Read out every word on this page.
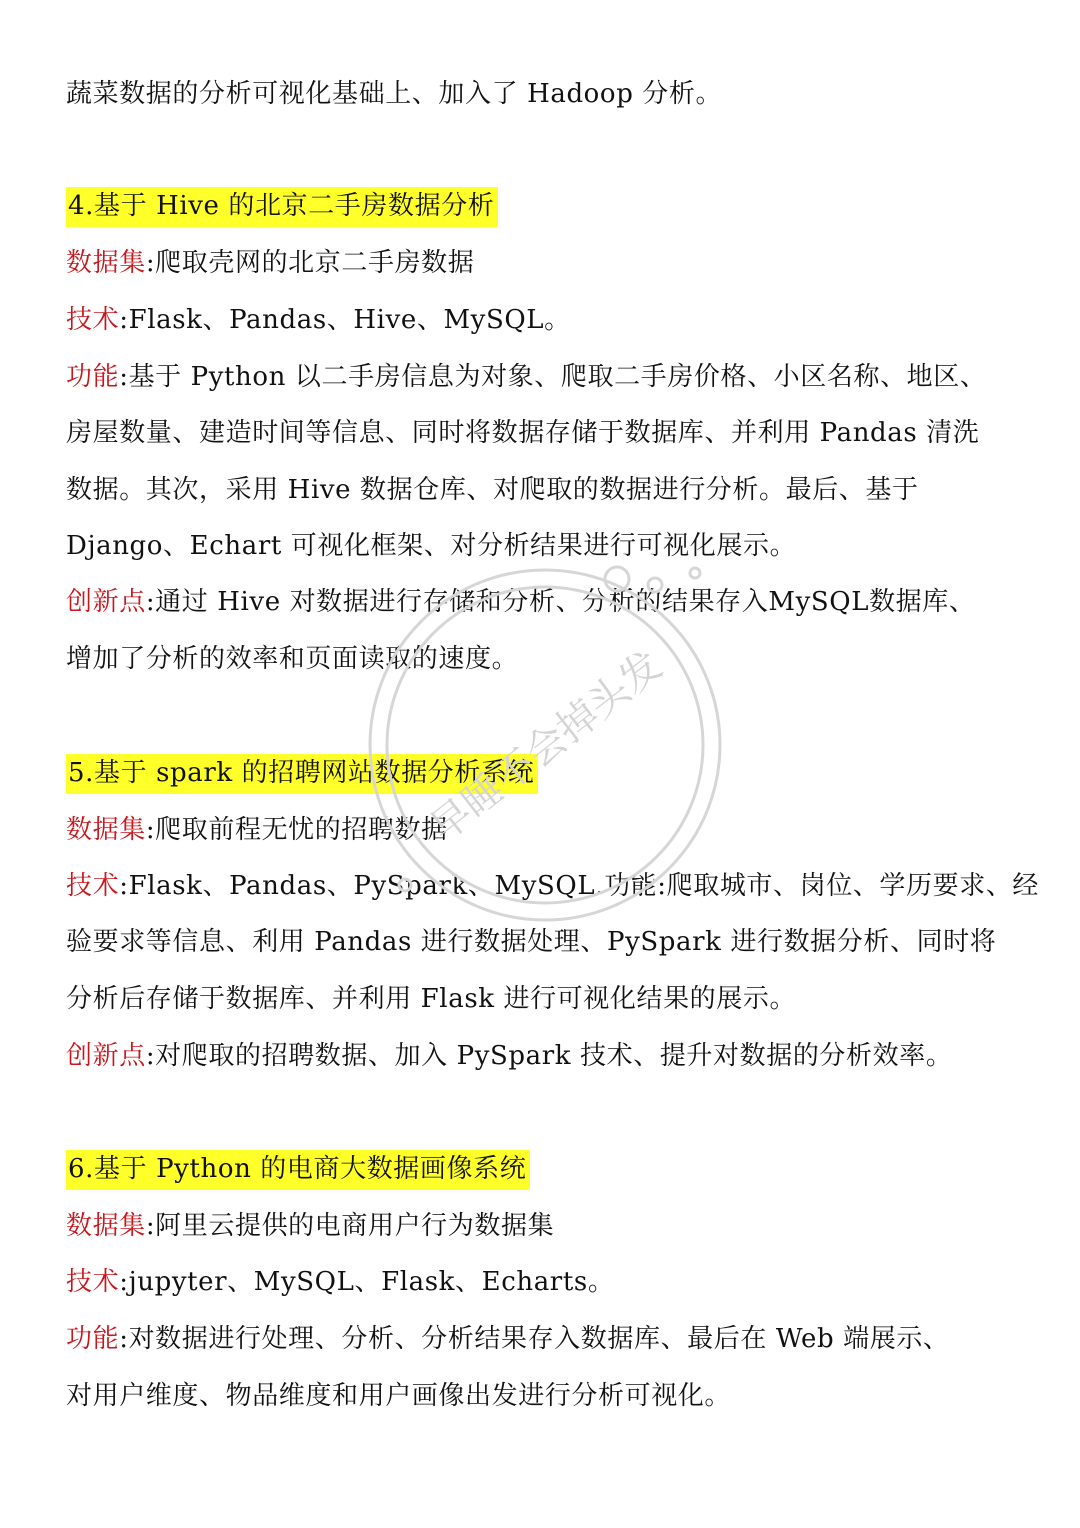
蔬菜数据的分析可视化基础上、加入了 Hadoop 分析。
4.基于 Hive 的北京二手房数据分析
数据集:爬取壳网的北京二手房数据
技术:Flask、Pandas、Hive、MySQL。
功能:基于 Python 以二手房信息为对象、爬取二手房价格、小区名称、地区、
房屋数量、建造时间等信息、同时将数据存储于数据库、并利用 Pandas 清洗
数据。其次，采用 Hive 数据仓库、对爬取的数据进行分析。最后、基于
Django、Echart 可视化框架、对分析结果进行可视化展示。
创新点:通过 Hive 对数据进行存储和分析、分析的结果存入MySQL数据库、
增加了分析的效率和页面读取的速度。
5.基于 spark 的招聘网站数据分析系统
数据集:爬取前程无忧的招聘数据
技术:Flask、Pandas、PySpark、MySQL.功能:爬取城市、岗位、学历要求、经
验要求等信息、利用 Pandas 进行数据处理、PySpark 进行数据分析、同时将
分析后存储于数据库、并利用 Flask 进行可视化结果的展示。
创新点:对爬取的招聘数据、加入 PySpark 技术、提升对数据的分析效率。
6.基于 Python 的电商大数据画像系统
数据集:阿里云提供的电商用户行为数据集
技术:jupyter、MySQL、Flask、Echarts。
功能:对数据进行处理、分析、分析结果存入数据库、最后在 Web 端展示、
对用户维度、物品维度和用户画像出发进行分析可视化。
早睡不会掉头发
